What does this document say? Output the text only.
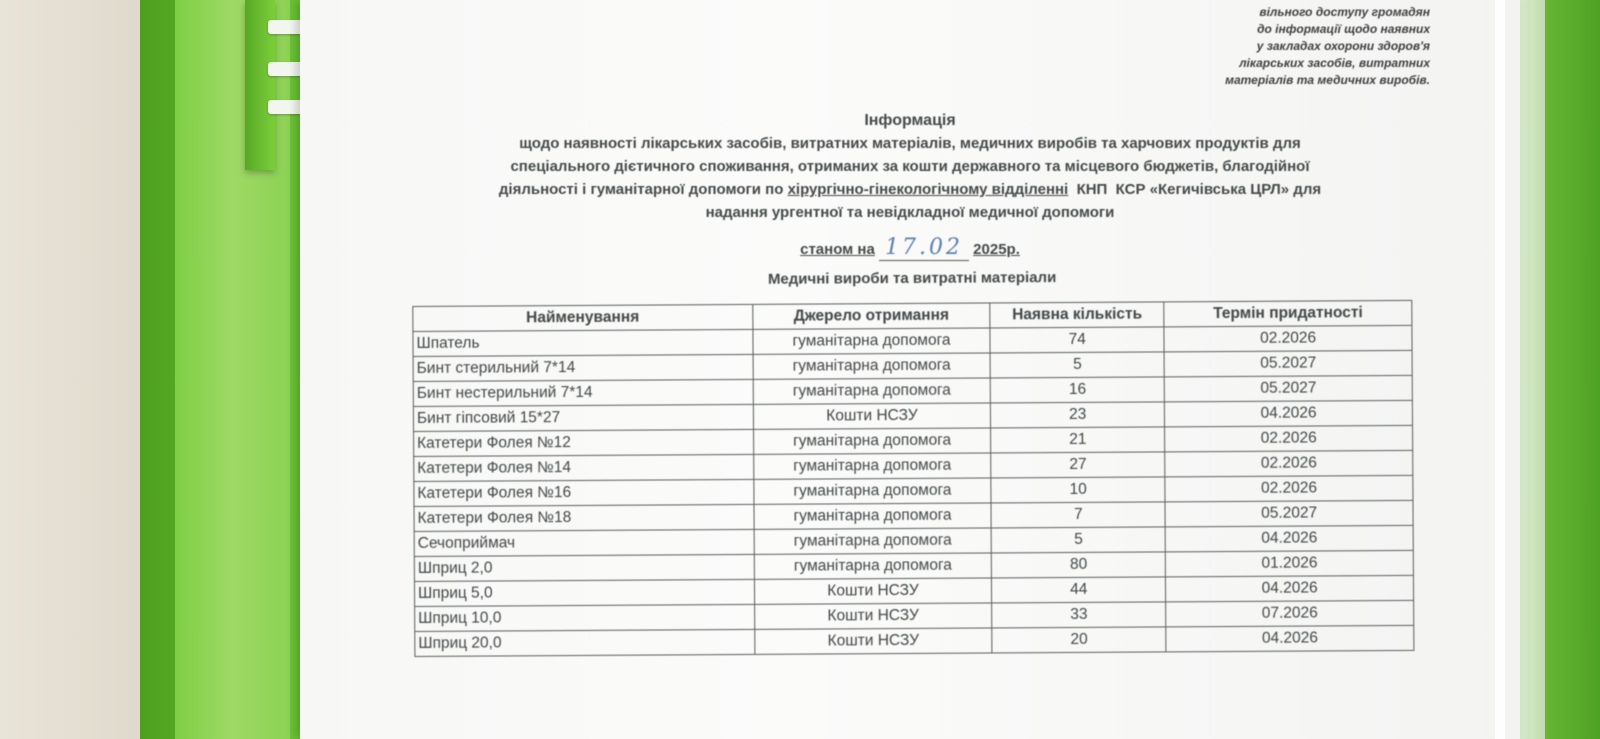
вільного доступу громадян
до інформації щодо наявних
у закладах охорони здоров'я
лікарських засобів, витратних
матеріалів та медичних виробів.
Інформація
щодо наявності лікарських засобів, витратних матеріалів, медичних виробів та харчових продуктів для
спеціального дієтичного споживання, отриманих за кошти державного та місцевого бюджетів, благодійної
діяльності і гуманітарної допомоги по хірургічно-гінекологічному відділенні  КНП  КСР «Кегичівська ЦРЛ» для
надання ургентної та невідкладної медичної допомоги
станом на 17.02 2025р.
Медичні вироби та витратні матеріали
Найменування	Джерело отримання	Наявна кількість	Термін придатності
Шпатель	гуманітарна допомога	74	02.2026
Бинт стерильний 7*14	гуманітарна допомога	5	05.2027
Бинт нестерильний 7*14	гуманітарна допомога	16	05.2027
Бинт гіпсовий 15*27	Кошти НСЗУ	23	04.2026
Катетери Фолея №12	гуманітарна допомога	21	02.2026
Катетери Фолея №14	гуманітарна допомога	27	02.2026
Катетери Фолея №16	гуманітарна допомога	10	02.2026
Катетери Фолея №18	гуманітарна допомога	7	05.2027
Сечоприймач	гуманітарна допомога	5	04.2026
Шприц 2,0	гуманітарна допомога	80	01.2026
Шприц 5,0	Кошти НСЗУ	44	04.2026
Шприц 10,0	Кошти НСЗУ	33	07.2026
Шприц 20,0	Кошти НСЗУ	20	04.2026
